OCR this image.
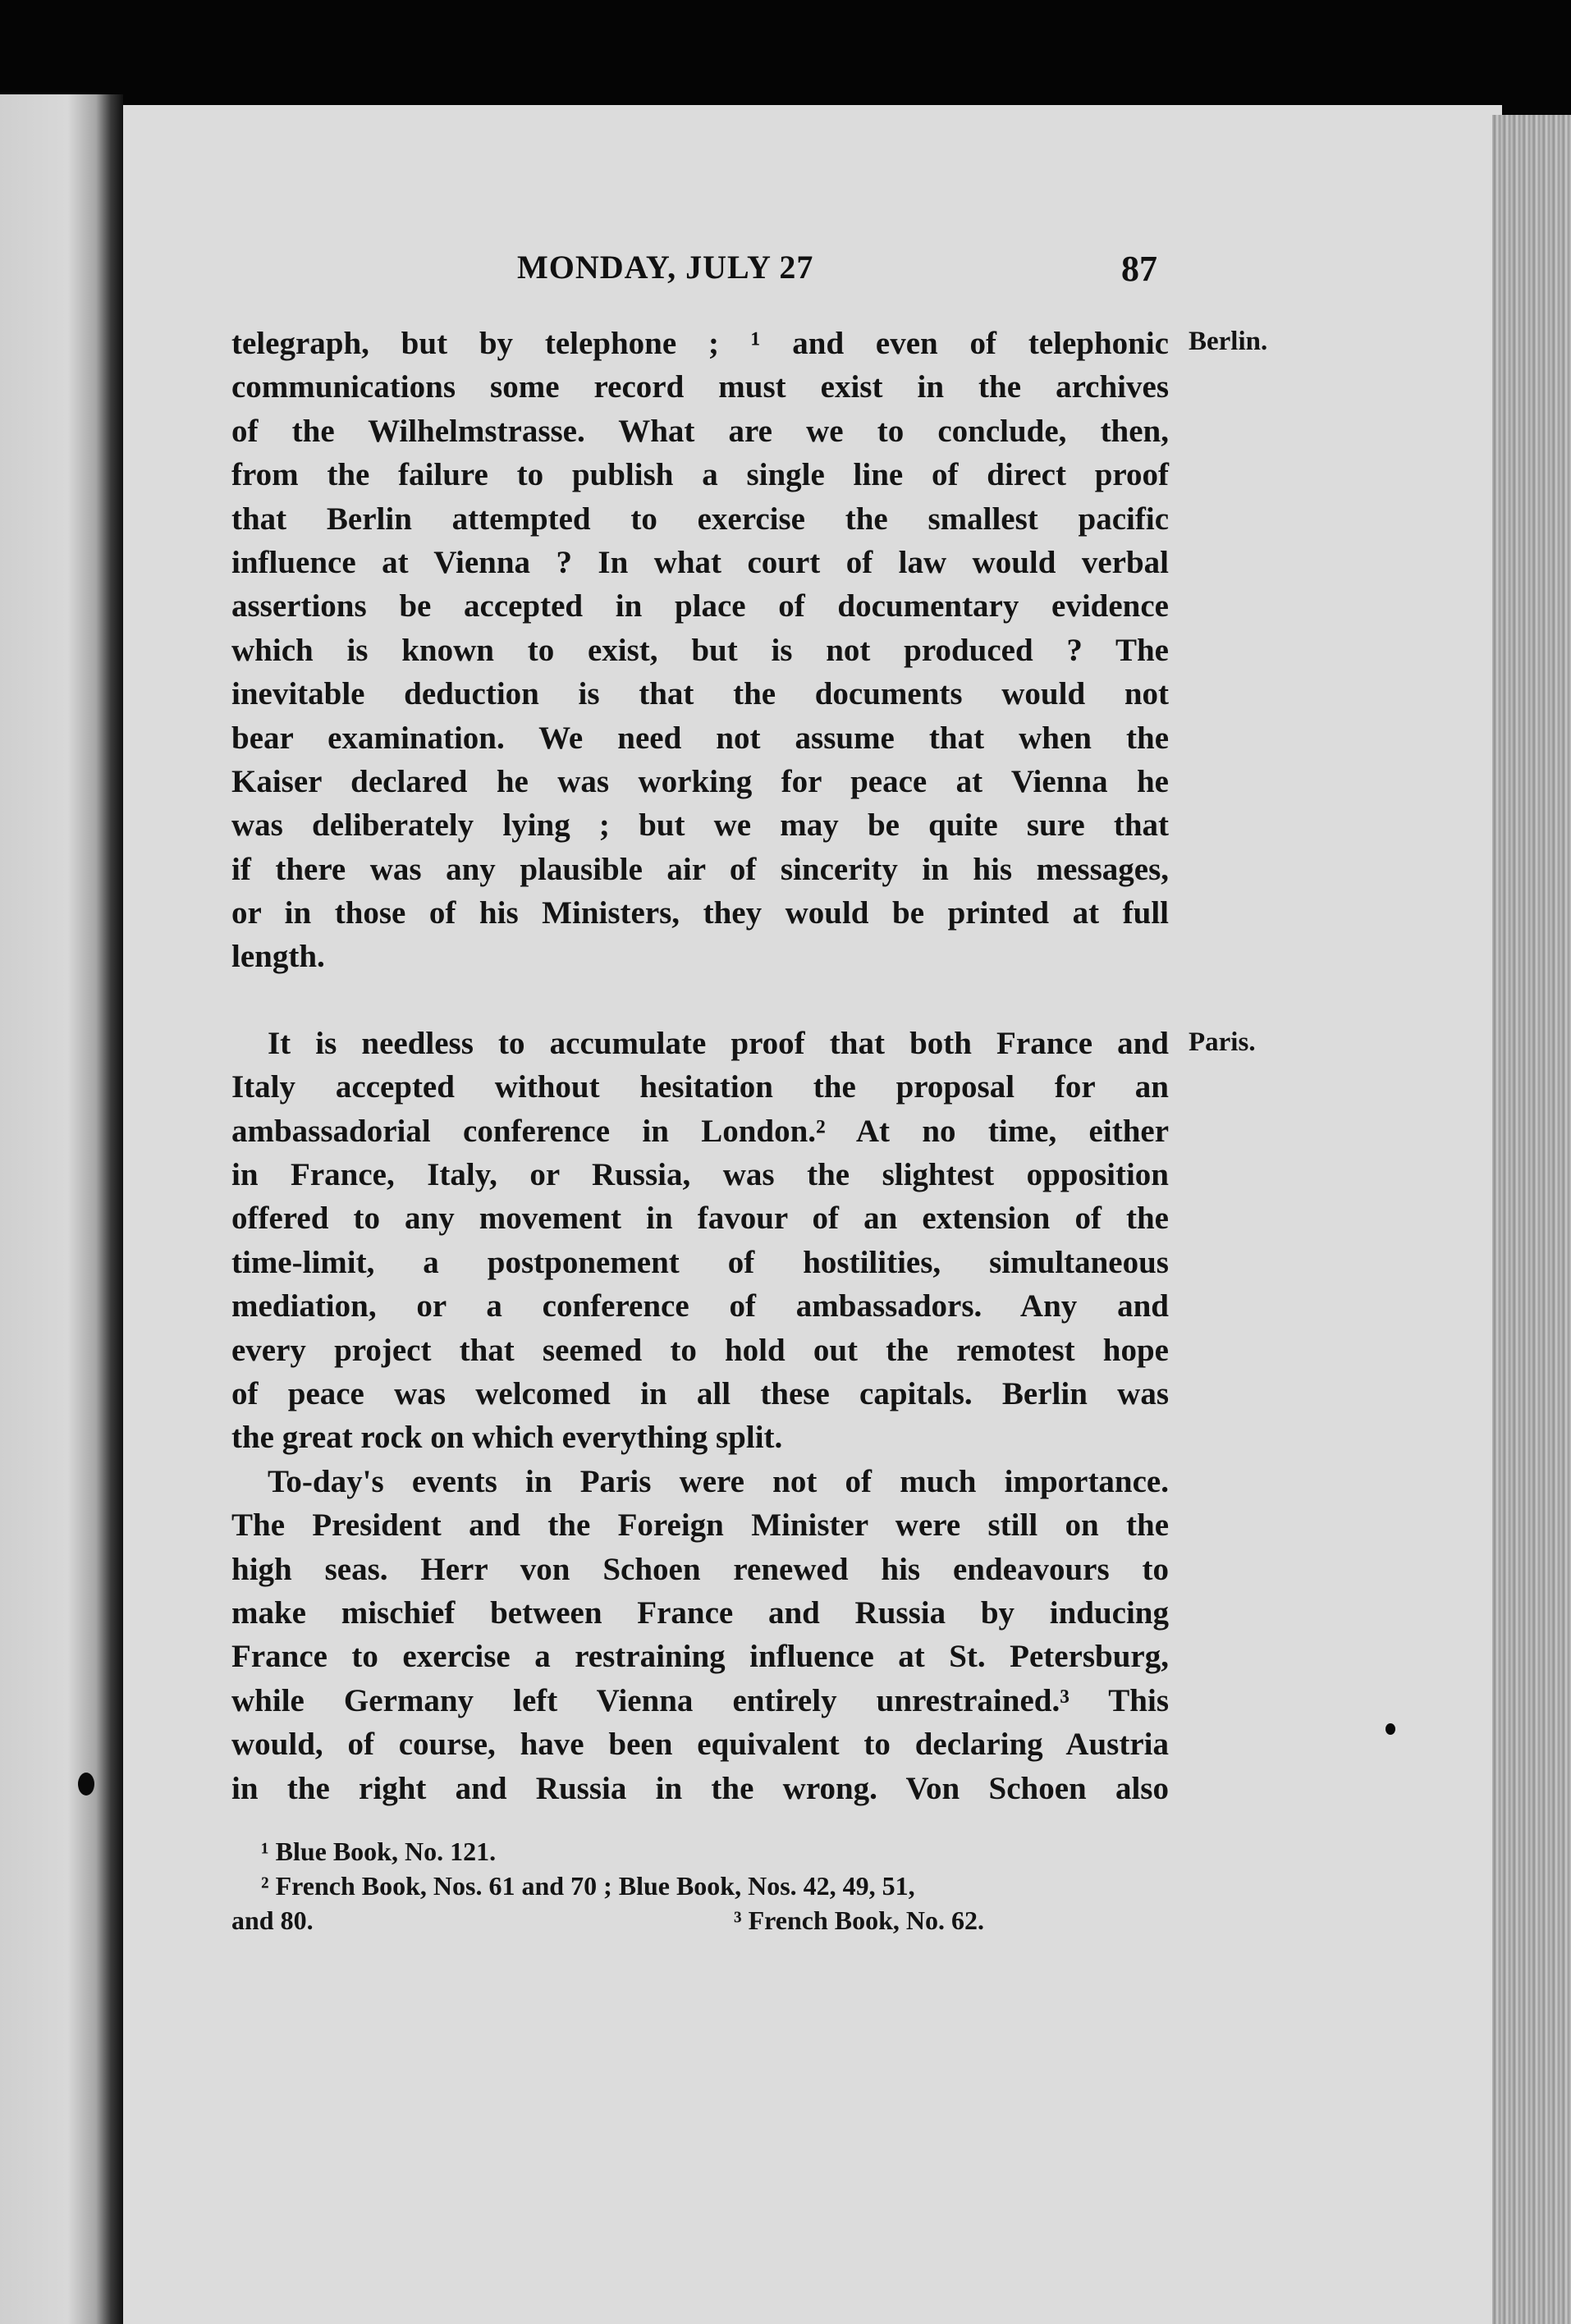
MONDAY, JULY 27	87
Berlin.
Paris.
telegraph, but by telephone ; ¹ and even of telephonic
communications some record must exist in the archives
of the Wilhelmstrasse. What are we to conclude, then,
from the failure to publish a single line of direct proof
that Berlin attempted to exercise the smallest pacific
influence at Vienna ? In what court of law would verbal
assertions be accepted in place of documentary evidence
which is known to exist, but is not produced ? The
inevitable deduction is that the documents would not
bear examination. We need not assume that when the
Kaiser declared he was working for peace at Vienna he
was deliberately lying ; but we may be quite sure that
if there was any plausible air of sincerity in his messages,
or in those of his Ministers, they would be printed at full
length.
It is needless to accumulate proof that both France and
Italy accepted without hesitation the proposal for an
ambassadorial conference in London.² At no time, either
in France, Italy, or Russia, was the slightest opposition
offered to any movement in favour of an extension of the
time-limit, a postponement of hostilities, simultaneous
mediation, or a conference of ambassadors. Any and
every project that seemed to hold out the remotest hope
of peace was welcomed in all these capitals. Berlin was
the great rock on which everything split.
To-day's events in Paris were not of much importance.
The President and the Foreign Minister were still on the
high seas. Herr von Schoen renewed his endeavours to
make mischief between France and Russia by inducing
France to exercise a restraining influence at St. Petersburg,
while Germany left Vienna entirely unrestrained.³ This
would, of course, have been equivalent to declaring Austria
in the right and Russia in the wrong. Von Schoen also
¹ Blue Book, No. 121.
² French Book, Nos. 61 and 70 ; Blue Book, Nos. 42, 49, 51,
and 80.	³ French Book, No. 62.
